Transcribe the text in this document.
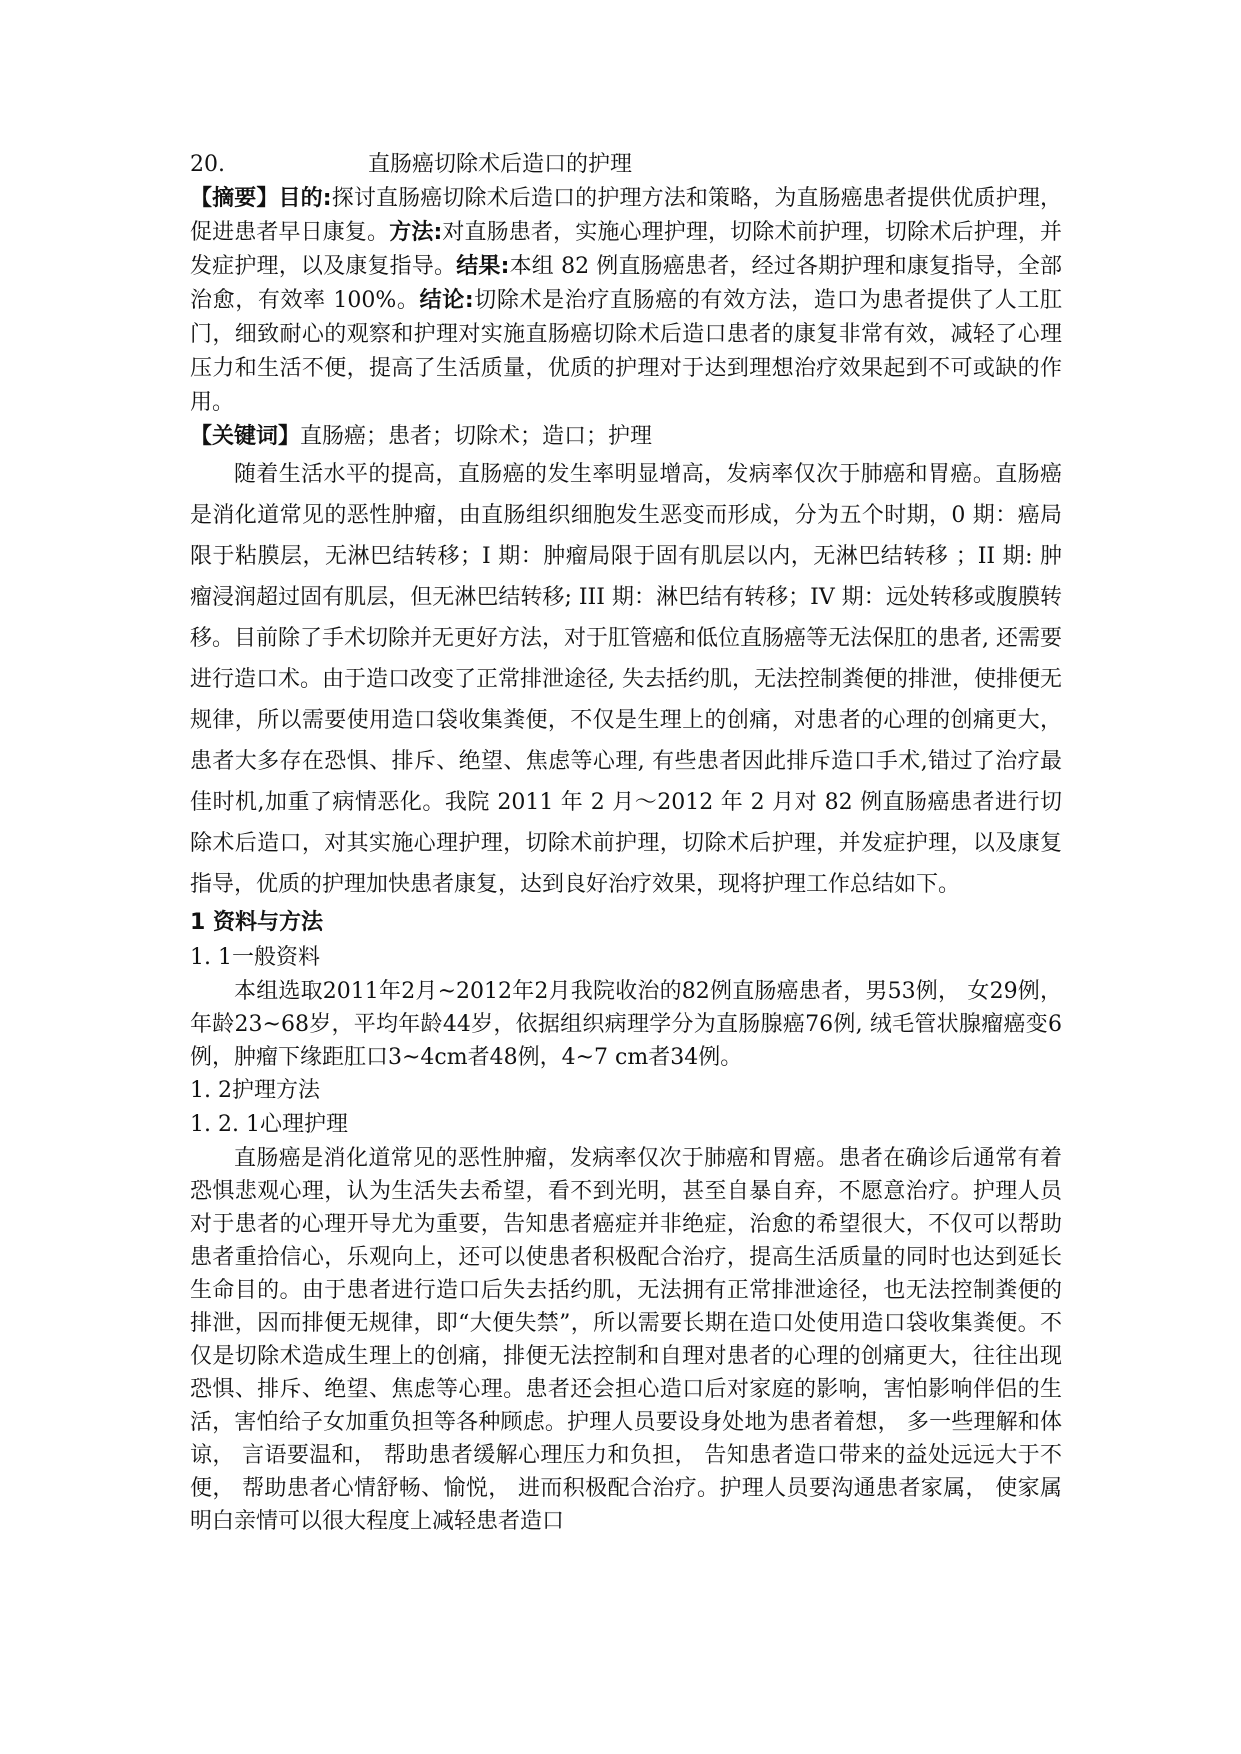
20.	直肠癌切除术后造口的护理

【摘要】目的:探讨直肠癌切除术后造口的护理方法和策略，为直肠癌患者提供优质护理，促进患者早日康复。方法:对直肠患者，实施心理护理，切除术前护理，切除术后护理，并发症护理，以及康复指导。结果:本组 82 例直肠癌患者，经过各期护理和康复指导，全部治愈，有效率 100%。结论:切除术是治疗直肠癌的有效方法，造口为患者提供了人工肛门，细致耐心的观察和护理对实施直肠癌切除术后造口患者的康复非常有效，减轻了心理压力和生活不便，提高了生活质量，优质的护理对于达到理想治疗效果起到不可或缺的作用。

【关键词】直肠癌；患者；切除术；造口；护理

随着生活水平的提高，直肠癌的发生率明显增高，发病率仅次于肺癌和胃癌。直肠癌是消化道常见的恶性肿瘤，由直肠组织细胞发生恶变而形成，分为五个时期，0 期：癌局限于粘膜层，无淋巴结转移；I 期：肿瘤局限于固有肌层以内，无淋巴结转移 ；II 期: 肿瘤浸润超过固有肌层，但无淋巴结转移; III 期：淋巴结有转移；IV 期：远处转移或腹膜转移。目前除了手术切除并无更好方法，对于肛管癌和低位直肠癌等无法保肛的患者, 还需要进行造口术。由于造口改变了正常排泄途径, 失去括约肌，无法控制粪便的排泄，使排便无规律，所以需要使用造口袋收集粪便，不仅是生理上的创痛，对患者的心理的创痛更大，患者大多存在恐惧、排斥、绝望、焦虑等心理, 有些患者因此排斥造口手术,错过了治疗最佳时机,加重了病情恶化。我院 2011 年 2 月～2012 年 2 月对 82 例直肠癌患者进行切除术后造口，对其实施心理护理，切除术前护理，切除术后护理，并发症护理，以及康复指导，优质的护理加快患者康复，达到良好治疗效果，现将护理工作总结如下。

1 资料与方法

1. 1一般资料

本组选取2011年2月~2012年2月我院收治的82例直肠癌患者，男53例， 女29例，年龄23~68岁，平均年龄44岁，依据组织病理学分为直肠腺癌76例, 绒毛管状腺瘤癌变6 例，肿瘤下缘距肛口3~4cm者48例，4~7 cm者34例。

1. 2护理方法

1. 2. 1心理护理

直肠癌是消化道常见的恶性肿瘤，发病率仅次于肺癌和胃癌。患者在确诊后通常有着恐惧悲观心理，认为生活失去希望，看不到光明，甚至自暴自弃，不愿意治疗。护理人员对于患者的心理开导尤为重要，告知患者癌症并非绝症，治愈的希望很大，不仅可以帮助患者重拾信心，乐观向上，还可以使患者积极配合治疗，提高生活质量的同时也达到延长生命目的。由于患者进行造口后失去括约肌，无法拥有正常排泄途径，也无法控制粪便的排泄，因而排便无规律，即“大便失禁”，所以需要长期在造口处使用造口袋收集粪便。不仅是切除术造成生理上的创痛，排便无法控制和自理对患者的心理的创痛更大，往往出现恐惧、排斥、绝望、焦虑等心理。患者还会担心造口后对家庭的影响，害怕影响伴侣的生活，害怕给子女加重负担等各种顾虑。护理人员要设身处地为患者着想， 多一些理解和体谅， 言语要温和， 帮助患者缓解心理压力和负担， 告知患者造口带来的益处远远大于不便， 帮助患者心情舒畅、愉悦， 进而积极配合治疗。护理人员要沟通患者家属， 使家属明白亲情可以很大程度上减轻患者造口
